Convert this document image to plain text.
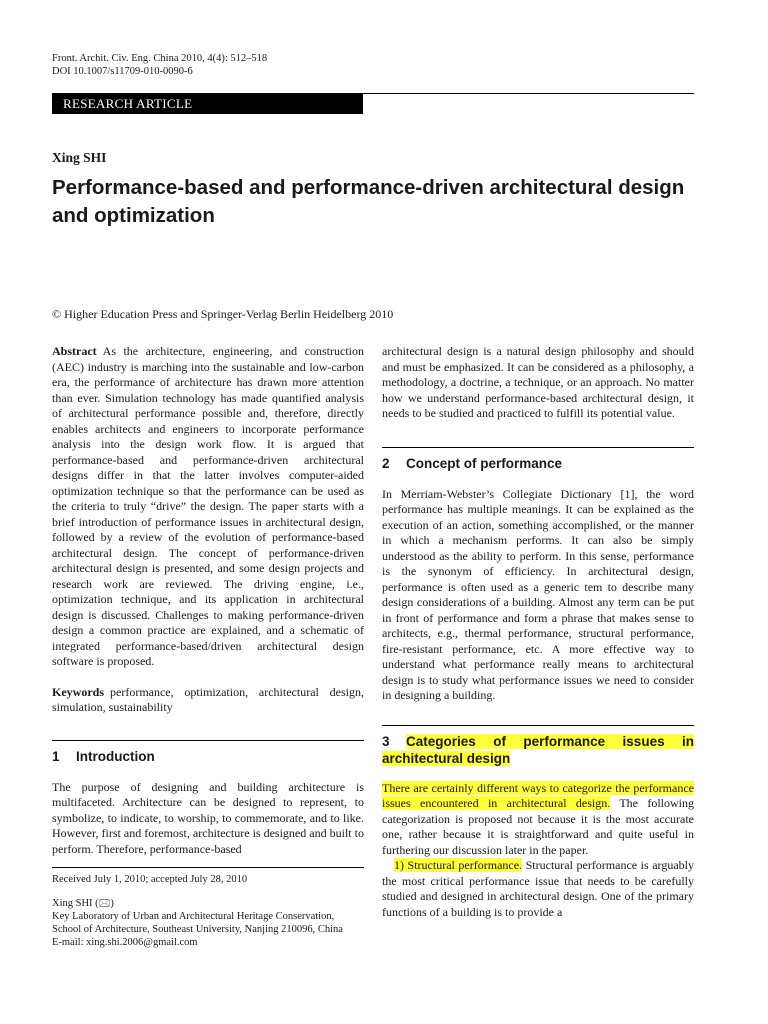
Front. Archit. Civ. Eng. China 2010, 4(4): 512–518
DOI 10.1007/s11709-010-0090-6
RESEARCH ARTICLE
Xing SHI
Performance-based and performance-driven architectural design and optimization
© Higher Education Press and Springer-Verlag Berlin Heidelberg 2010

Abstract As the architecture, engineering, and construction (AEC) industry is marching into the sustainable and low-carbon era, the performance of architecture has drawn more attention than ever. Simulation technology has made quantified analysis of architectural performance possible and, therefore, directly enables architects and engineers to incorporate performance analysis into the design work flow. It is argued that performance-based and performance-driven architectural designs differ in that the latter involves computer-aided optimization technique so that the performance can be used as the criteria to truly “drive” the design. The paper starts with a brief introduction of performance issues in architectural design, followed by a review of the evolution of performance-based architectural design. The concept of performance-driven architectural design is presented, and some design projects and research work are reviewed. The driving engine, i.e., optimization technique, and its application in architectural design is discussed. Challenges to making performance-driven design a common practice are explained, and a schematic of integrated performance-based/driven architectural design software is proposed.

Keywords performance, optimization, architectural design, simulation, sustainability

1 Introduction

The purpose of designing and building architecture is multifaceted. Architecture can be designed to represent, to symbolize, to indicate, to worship, to commemorate, and to like. However, first and foremost, architecture is designed and built to perform. Therefore, performance-based

Received July 1, 2010; accepted July 28, 2010
Xing SHI (🖂)
Key Laboratory of Urban and Architectural Heritage Conservation, School of Architecture, Southeast University, Nanjing 210096, China
E-mail: xing.shi.2006@gmail.com

architectural design is a natural design philosophy and should and must be emphasized. It can be considered as a philosophy, a methodology, a doctrine, a technique, or an approach. No matter how we understand performance-based architectural design, it needs to be studied and practiced to fulfill its potential value.

2 Concept of performance

In Merriam-Webster’s Collegiate Dictionary [1], the word performance has multiple meanings. It can be explained as the execution of an action, something accomplished, or the manner in which a mechanism performs. It can also be simply understood as the ability to perform. In this sense, performance is the synonym of efficiency. In architectural design, performance is often used as a generic tem to describe many design considerations of a building. Almost any term can be put in front of performance and form a phrase that makes sense to architects, e.g., thermal performance, structural performance, fire-resistant performance, etc. A more effective way to understand what performance really means to architectural design is to study what performance issues we need to consider in designing a building.

3 Categories of performance issues in architectural design

There are certainly different ways to categorize the performance issues encountered in architectural design. The following categorization is proposed not because it is the most accurate one, rather because it is straightforward and quite useful in furthering our discussion later in the paper.

1) Structural performance. Structural performance is arguably the most critical performance issue that needs to be carefully studied and designed in architectural design. One of the primary functions of a building is to provide a
